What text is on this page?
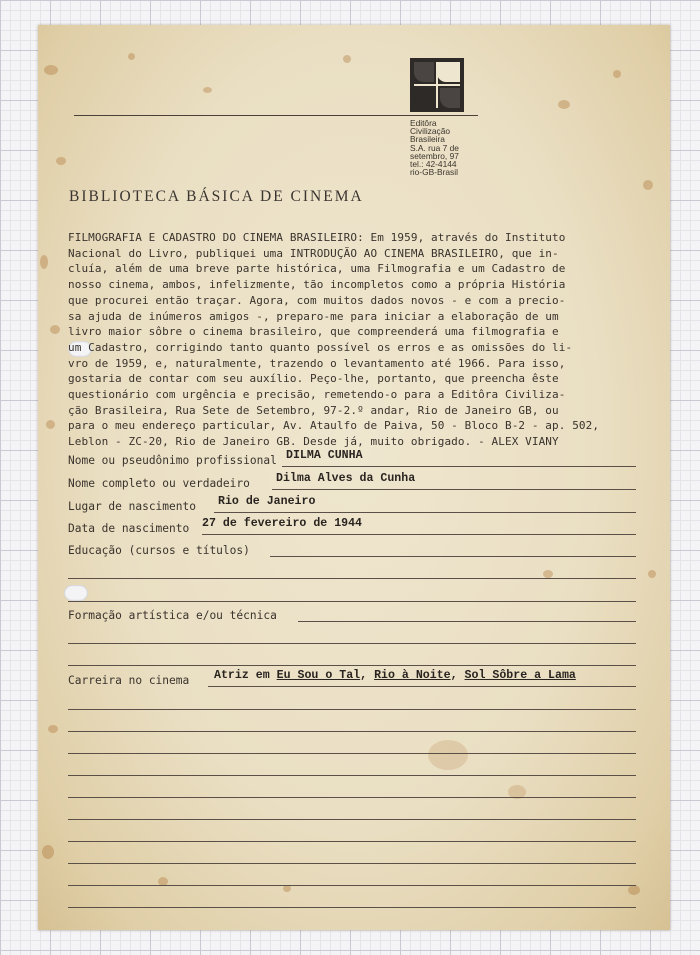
Editôra
Civilização
Brasileira
S.A. rua 7 de
setembro, 97
tel.: 42-4144
rio-GB-Brasil
BIBLIOTECA BÁSICA DE CINEMA
FILMOGRAFIA E CADASTRO DO CINEMA BRASILEIRO: Em 1959, através do Instituto
Nacional do Livro, publiquei uma INTRODUÇÃO AO CINEMA BRASILEIRO, que in-
cluía, além de uma breve parte histórica, uma Filmografia e um Cadastro de
nosso cinema, ambos, infelizmente, tão incompletos como a própria História
que procurei então traçar. Agora, com muitos dados novos - e com a precio-
sa ajuda de inúmeros amigos -, preparo-me para iniciar a elaboração de um
livro maior sôbre o cinema brasileiro, que compreenderá uma filmografia e
um Cadastro, corrigindo tanto quanto possível os erros e as omissões do li-
vro de 1959, e, naturalmente, trazendo o levantamento até 1966. Para isso,
gostaria de contar com seu auxílio. Peço-lhe, portanto, que preencha êste
questionário com urgência e precisão, remetendo-o para a Editôra Civiliza-
ção Brasileira, Rua Sete de Setembro, 97-2.º andar, Rio de Janeiro GB, ou
para o meu endereço particular, Av. Ataulfo de Paiva, 50 - Bloco B-2 - ap. 502,
Leblon - ZC-20, Rio de Janeiro GB. Desde já, muito obrigado. - ALEX VIANY
Nome ou pseudônimo profissional DILMA CUNHA
Nome completo ou verdadeiro Dilma Alves da Cunha
Lugar de nascimento Rio de Janeiro
Data de nascimento 27 de fevereiro de 1944
Educação (cursos e títulos)
Formação artística e/ou técnica
Carreira no cinema Atriz em Eu Sou o Tal, Rio à Noite, Sol Sôbre a Lama
